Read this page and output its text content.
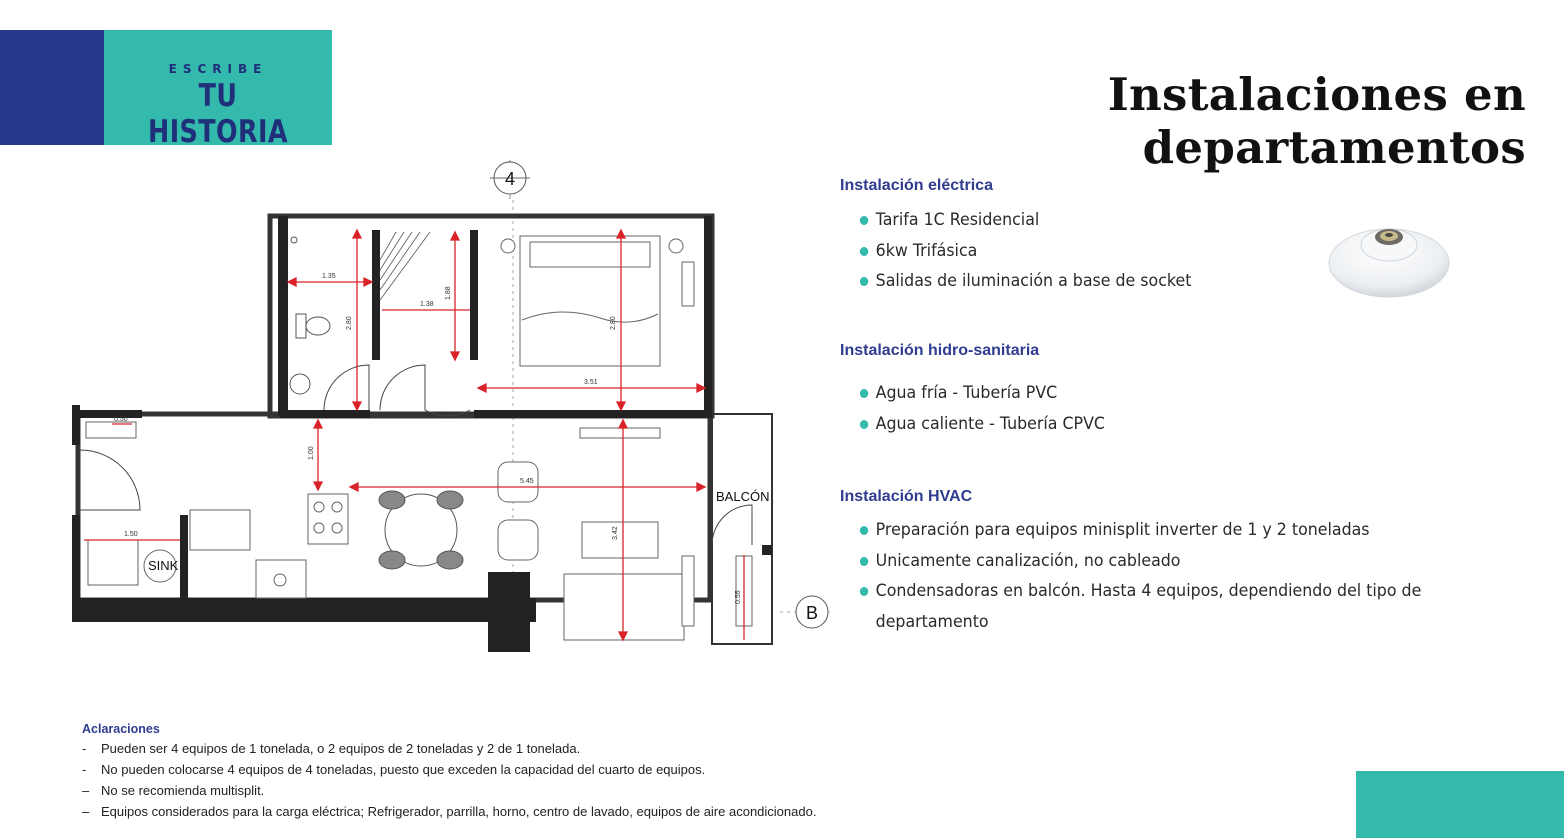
ESCRIBE
TU HISTORIA
Instalaciones en departamentos
1.35
2.80
1.38
1.88
2.80
3.51
1.00
5.45
3.42
1.50
0.50
0.55
BALCÓN
SINK
4
B
Instalación eléctrica
Tarifa 1C Residencial
6kw Trifásica
Salidas de iluminación a base de socket
Instalación hidro-sanitaria
Agua fría - Tubería PVC
Agua caliente - Tubería CPVC
Instalación HVAC
Preparación para equipos minisplit inverter de 1 y 2 toneladas
Unicamente canalización, no cableado
Condensadoras en balcón. Hasta 4 equipos, dependiendo del tipo de
departamento
Aclaraciones
- Pueden ser 4 equipos de 1 tonelada, o 2 equipos de 2 toneladas y 2 de 1 tonelada.
- No pueden colocarse 4 equipos de 4 toneladas, puesto que exceden la capacidad del cuarto de equipos.
– No se recomienda multisplit.
– Equipos considerados para la carga eléctrica; Refrigerador, parrilla, horno, centro de lavado, equipos de aire acondicionado.
